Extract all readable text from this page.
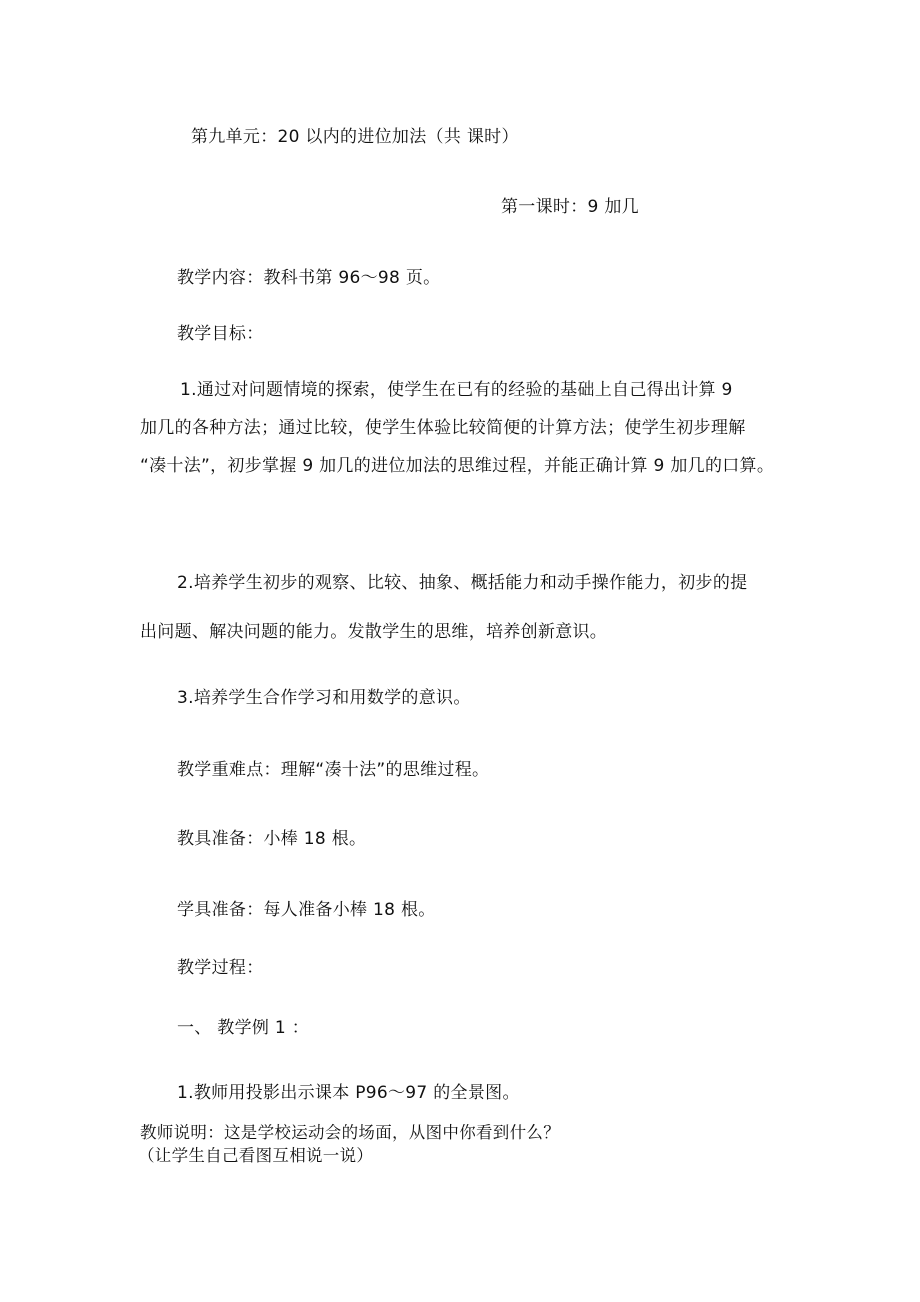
第九单元：20 以内的进位加法（共 课时）
第一课时：9 加几
教学内容：教科书第 96～98 页。
教学目标：
1.通过对问题情境的探索，使学生在已有的经验的基础上自己得出计算 9
加几的各种方法；通过比较，使学生体验比较简便的计算方法；使学生初步理解
“凑十法”，初步掌握 9 加几的进位加法的思维过程，并能正确计算 9 加几的口算。
2.培养学生初步的观察、比较、抽象、概括能力和动手操作能力，初步的提
出问题、解决问题的能力。发散学生的思维，培养创新意识。
3.培养学生合作学习和用数学的意识。
教学重难点：理解“凑十法”的思维过程。
教具准备：小棒 18 根。
学具准备：每人准备小棒 18 根。
教学过程：
一、 教学例 1 ：
1.教师用投影出示课本 P96～97 的全景图。
教师说明：这是学校运动会的场面，从图中你看到什么？
（让学生自己看图互相说一说）
